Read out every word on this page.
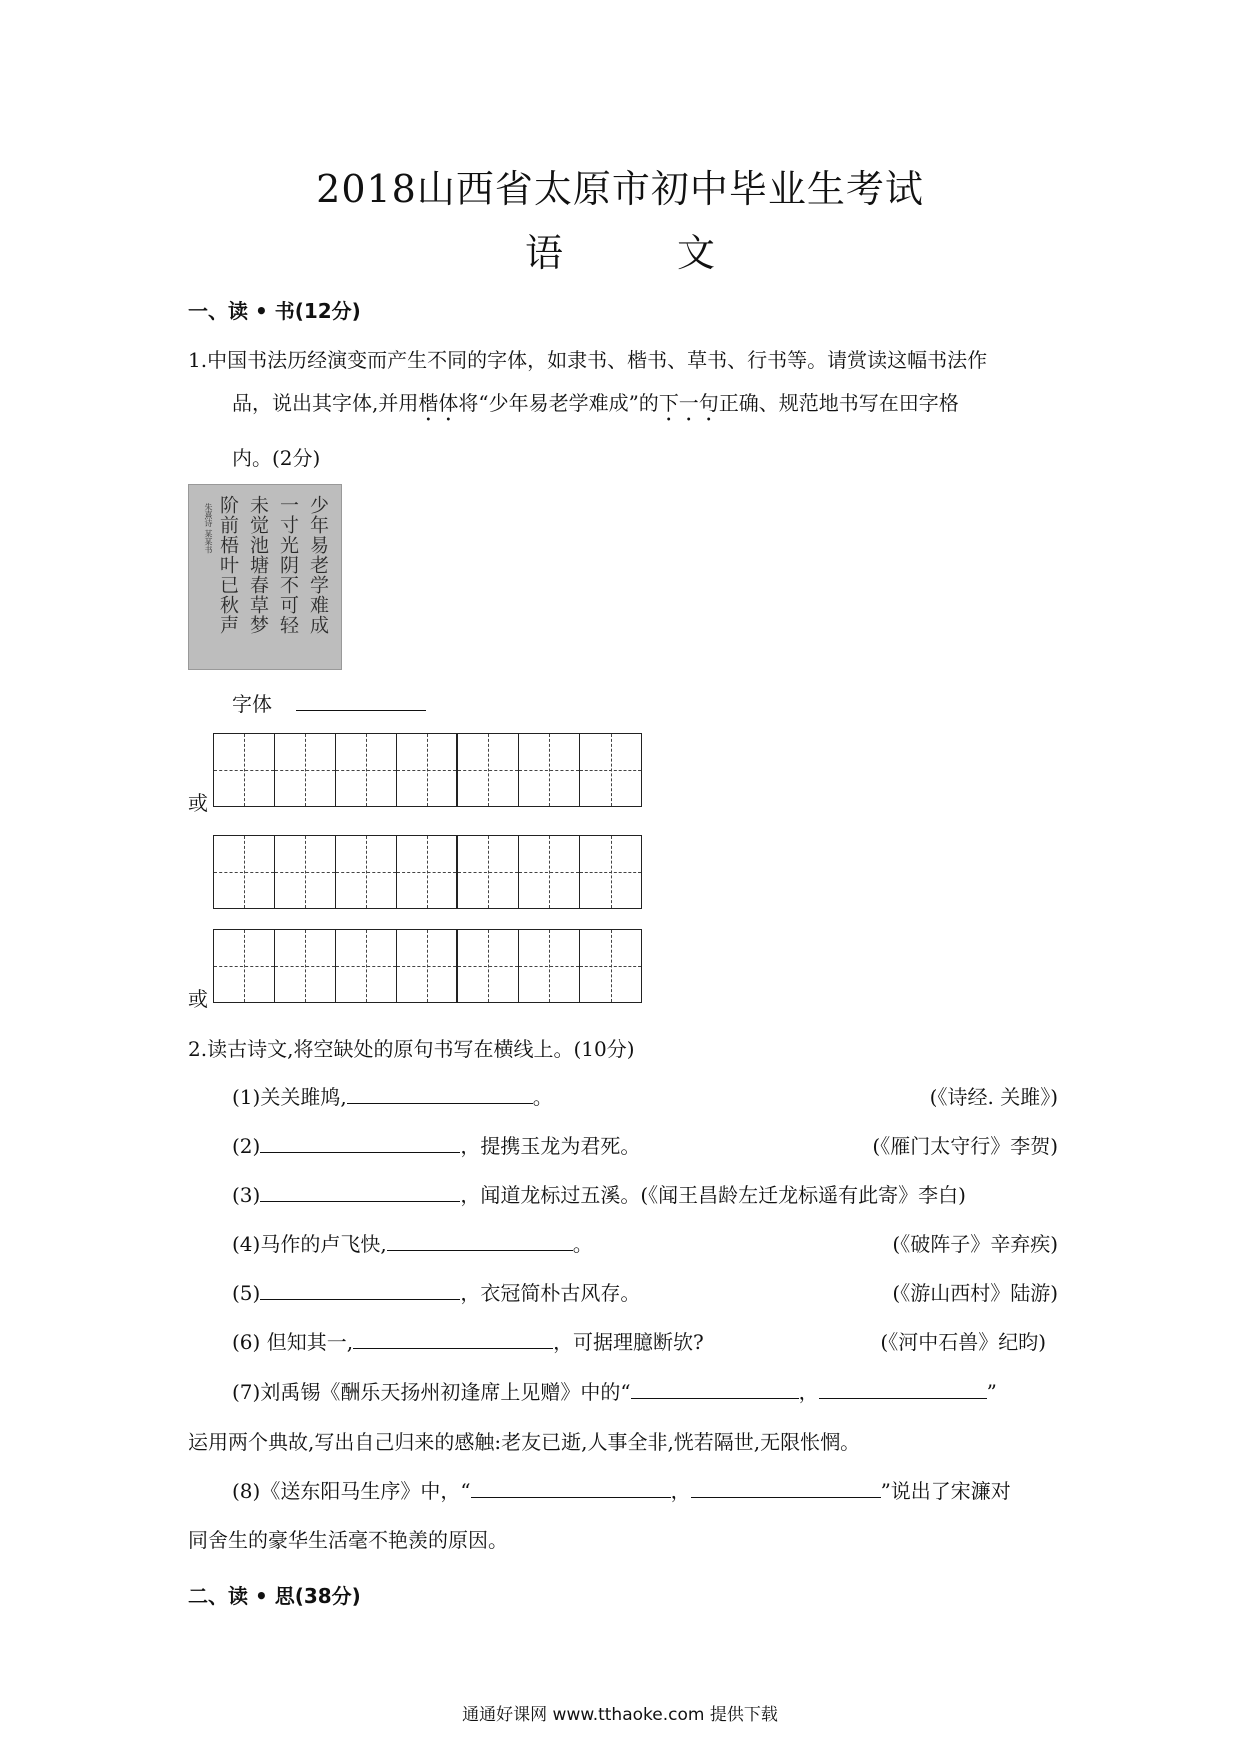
2018山西省太原市初中毕业生考试
语　　　文
一、读 • 书(12分)
1.中国书法历经演变而产生不同的字体，如隶书、楷书、草书、行书等。请赏读这幅书法作
品，说出其字体,并用楷体将“少年易老学难成”的下一句正确、规范地书写在田字格
内。(2分)
朱熹诗 某某书	少年易老学难成
一寸光阴不可轻
未觉池塘春草梦
阶前梧叶已秋声
字体
或
或
2.读古诗文,将空缺处的原句书写在横线上。(10分)
(1)关关雎鸠,	。	(《诗经. 关雎》)
(2)	，提携玉龙为君死。	(《雁门太守行》李贺)
(3)	，闻道龙标过五溪。(《闻王昌龄左迁龙标遥有此寄》李白)
(4)马作的卢飞快,	。	(《破阵子》辛弃疾)
(5)	，衣冠简朴古风存。	(《游山西村》陆游)
(6) 但知其一,	，可据理臆断欤?	(《河中石兽》纪昀)
(7)刘禹锡《酬乐天扬州初逢席上见赠》中的“	，	”
运用两个典故,写出自己归来的感触:老友已逝,人事全非,恍若隔世,无限怅惘。
(8)《送东阳马生序》中，“	，	”说出了宋濂对
同舍生的豪华生活毫不艳羡的原因。
二、读 • 思(38分)
通通好课网 www.tthaoke.com 提供下载
